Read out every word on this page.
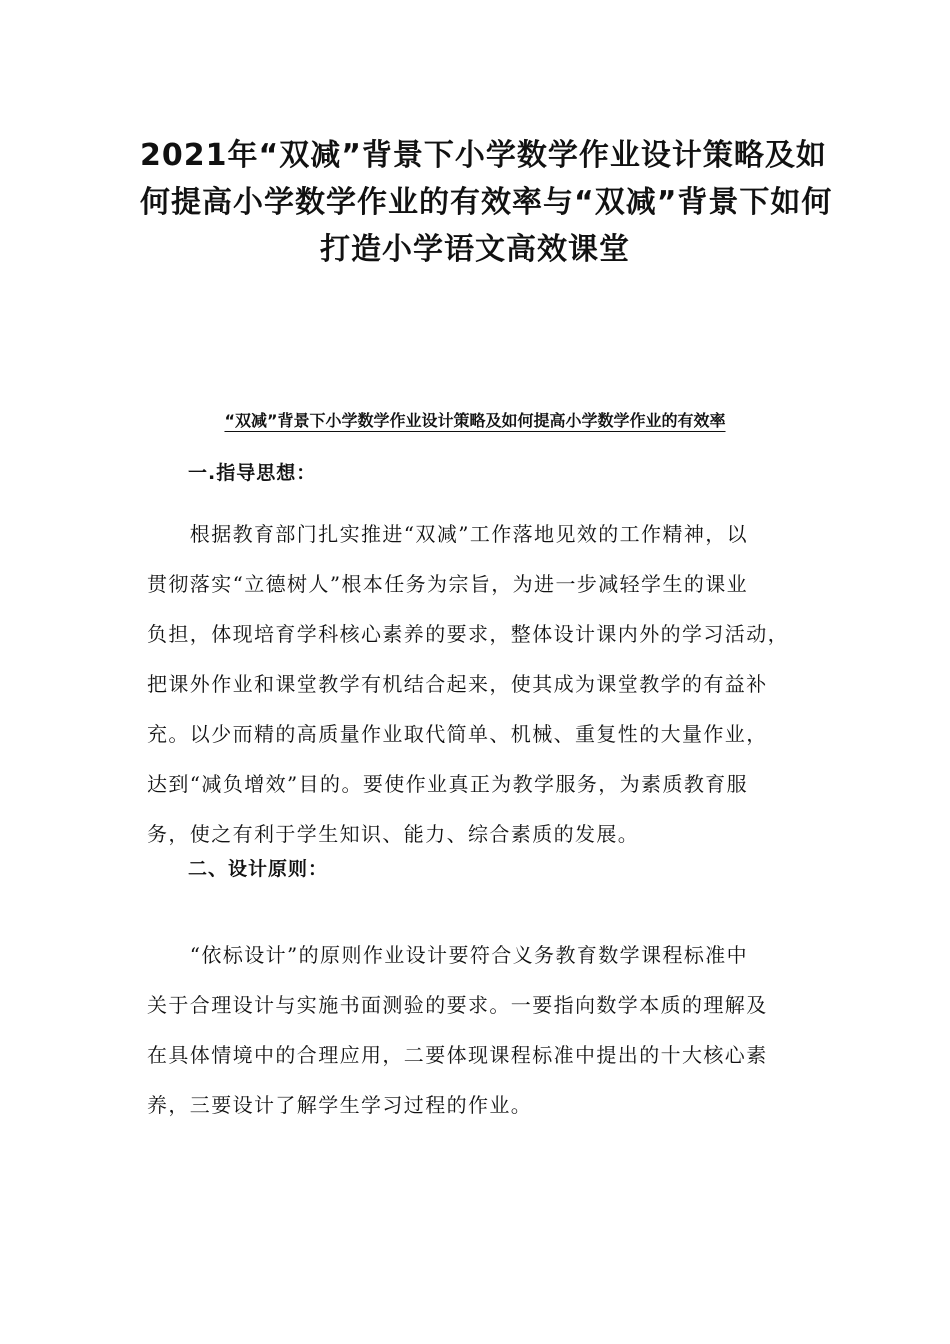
2021年“双减”背景下小学数学作业设计策略及如
何提高小学数学作业的有效率与“双减”背景下如何
打造小学语文高效课堂

“双减”背景下小学数学作业设计策略及如何提高小学数学作业的有效率

一.指导思想：
　　根据教育部门扎实推进“双减”工作落地见效的工作精神，以
贯彻落实“立德树人”根本任务为宗旨，为进一步减轻学生的课业
负担，体现培育学科核心素养的要求，整体设计课内外的学习活动，
把课外作业和课堂教学有机结合起来，使其成为课堂教学的有益补
充。以少而精的高质量作业取代简单、机械、重复性的大量作业，
达到“减负增效”目的。要使作业真正为教学服务，为素质教育服
务，使之有利于学生知识、能力、综合素质的发展。
二、设计原则：
　　“依标设计”的原则作业设计要符合义务教育数学课程标准中
关于合理设计与实施书面测验的要求。一要指向数学本质的理解及
在具体情境中的合理应用，二要体现课程标准中提出的十大核心素
养，三要设计了解学生学习过程的作业。
